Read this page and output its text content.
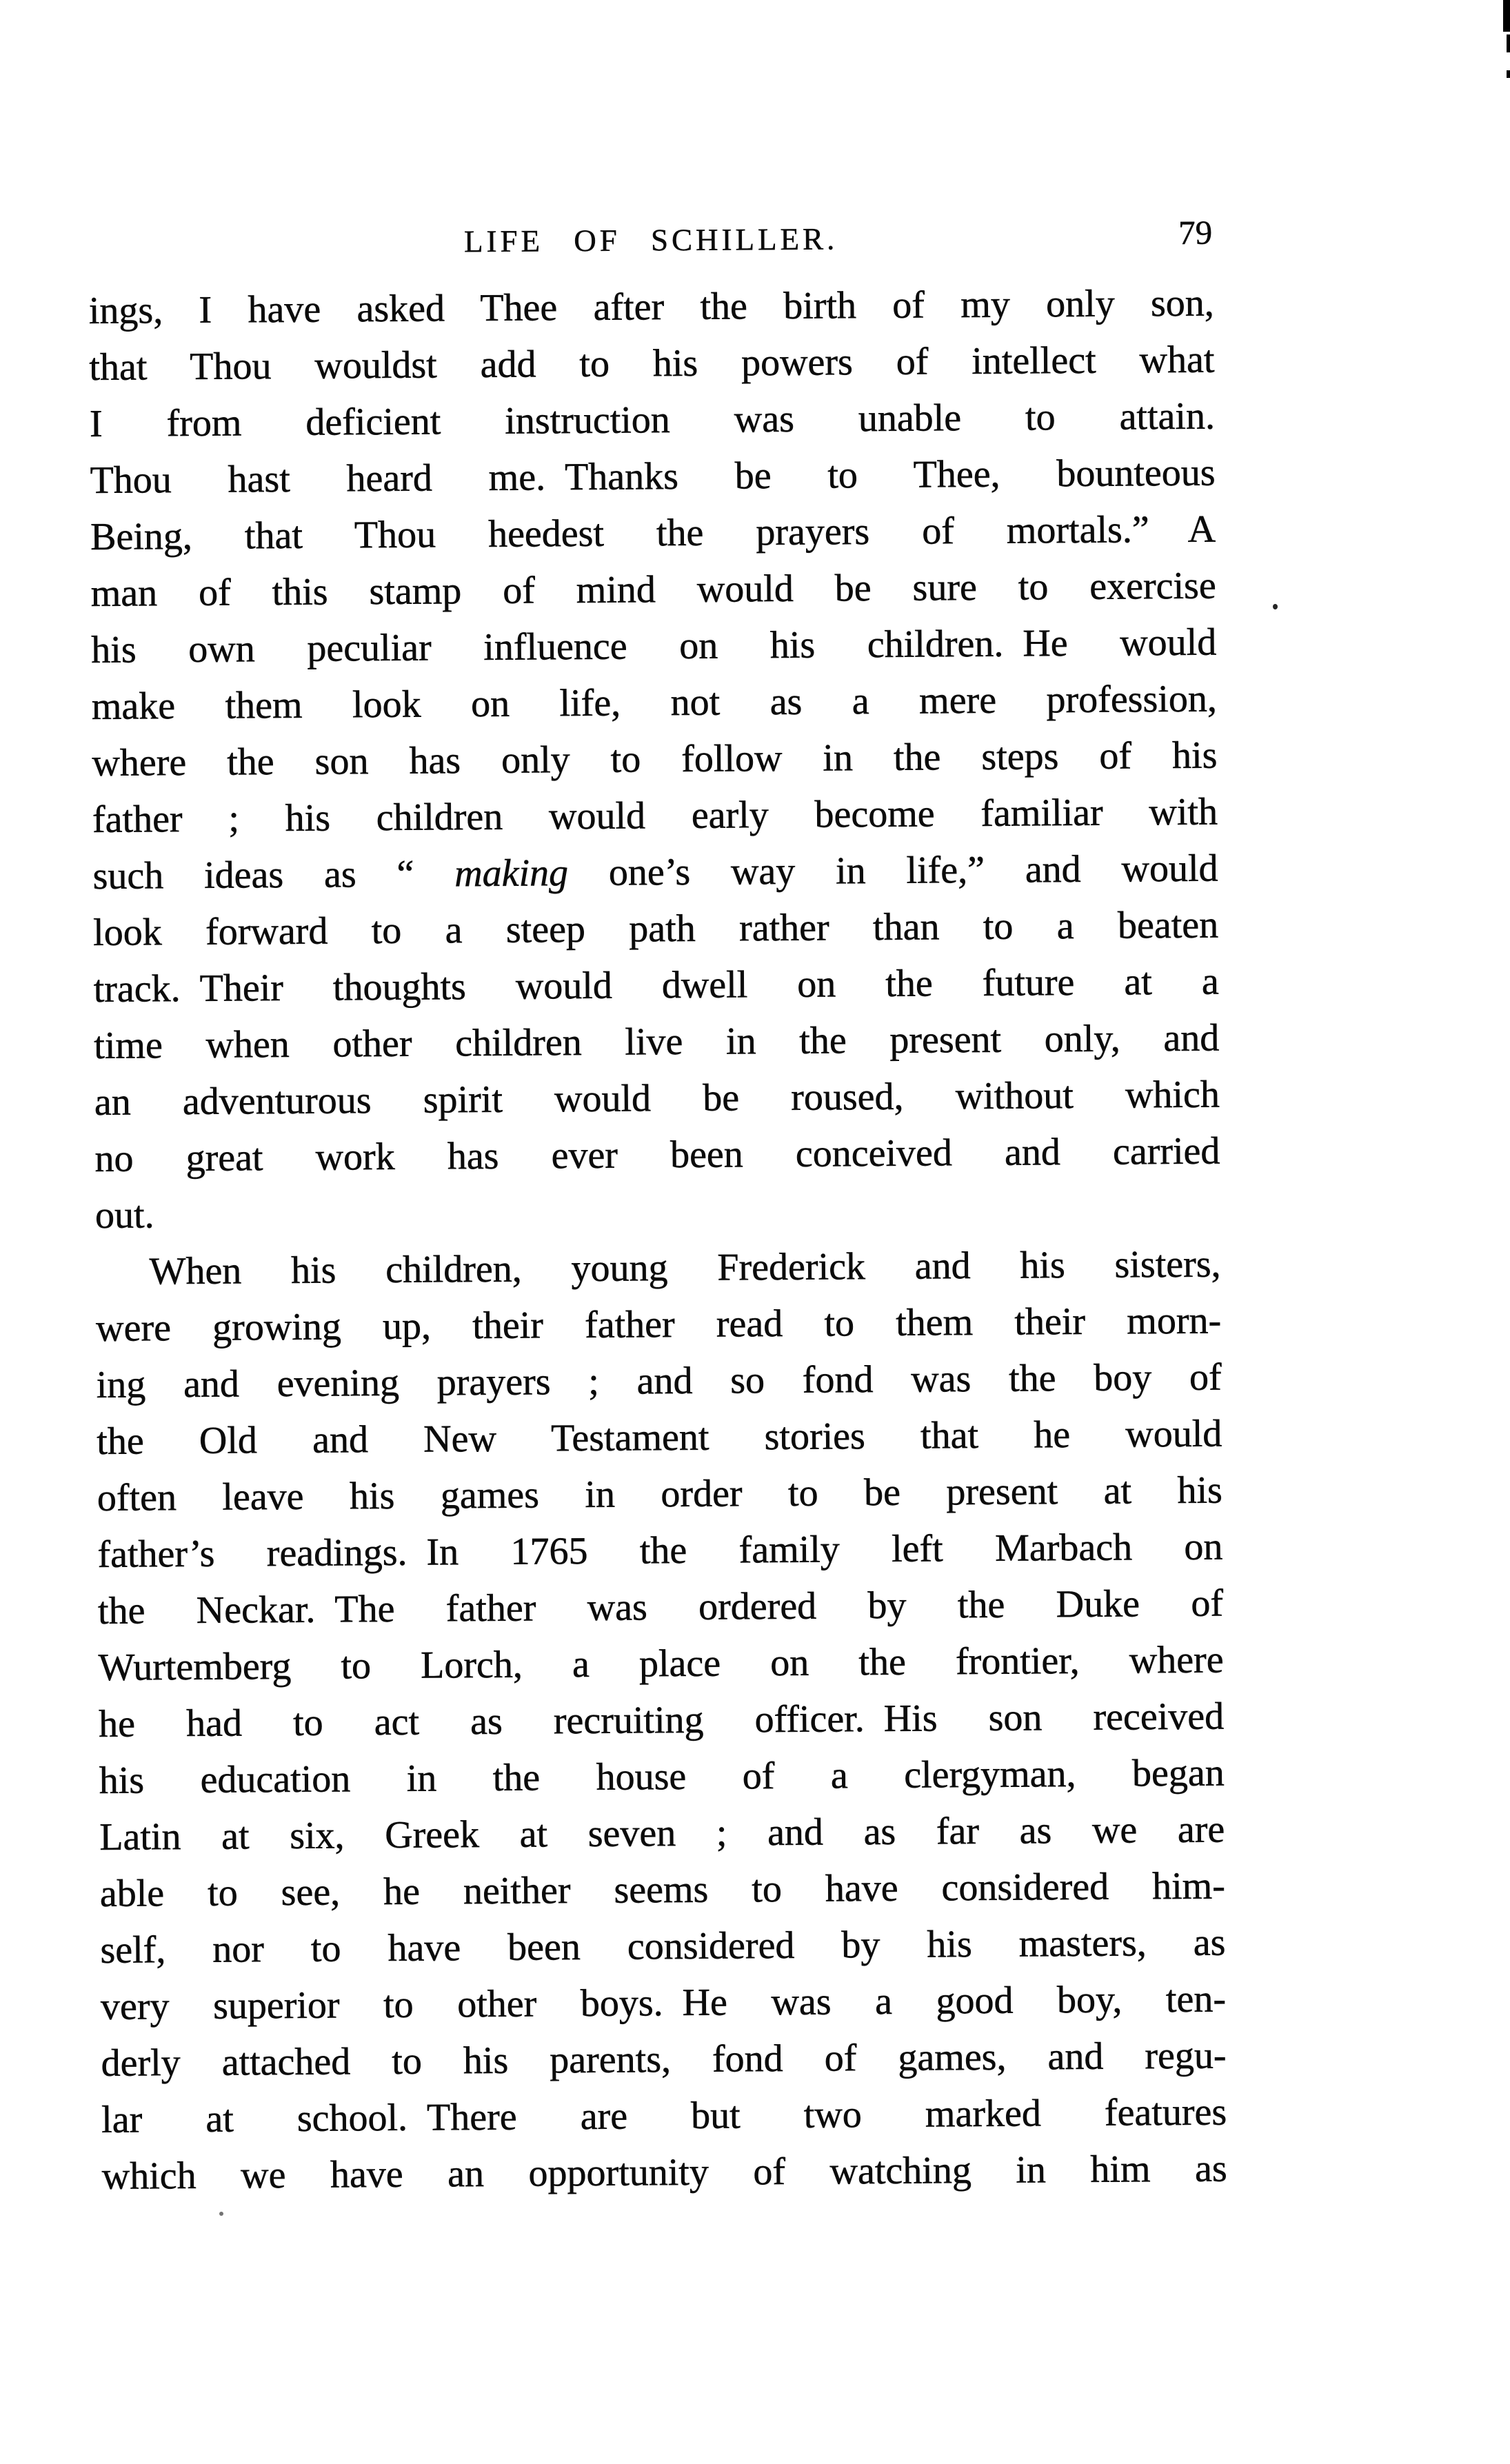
LIFE OF SCHILLER.	79
ings, I have asked Thee after the birth of my only son,
that Thou wouldst add to his powers of intellect what
I from deficient instruction was unable to attain.
Thou hast heard me. Thanks be to Thee, bounteous
Being, that Thou heedest the prayers of mortals.” A
man of this stamp of mind would be sure to exercise
his own peculiar influence on his children. He would
make them look on life, not as a mere profession,
where the son has only to follow in the steps of his
father ; his children would early become familiar with
such ideas as “ making one’s way in life,” and would
look forward to a steep path rather than to a beaten
track. Their thoughts would dwell on the future at a
time when other children live in the present only, and
an adventurous spirit would be roused, without which
no great work has ever been conceived and carried
out.
When his children, young Frederick and his sisters,
were growing up, their father read to them their morn-
ing and evening prayers ; and so fond was the boy of
the Old and New Testament stories that he would
often leave his games in order to be present at his
father’s readings. In 1765 the family left Marbach on
the Neckar. The father was ordered by the Duke of
Wurtemberg to Lorch, a place on the frontier, where
he had to act as recruiting officer. His son received
his education in the house of a clergyman, began
Latin at six, Greek at seven ; and as far as we are
able to see, he neither seems to have considered him-
self, nor to have been considered by his masters, as
very superior to other boys. He was a good boy, ten-
derly attached to his parents, fond of games, and regu-
lar at school. There are but two marked features
which we have an opportunity of watching in him as
